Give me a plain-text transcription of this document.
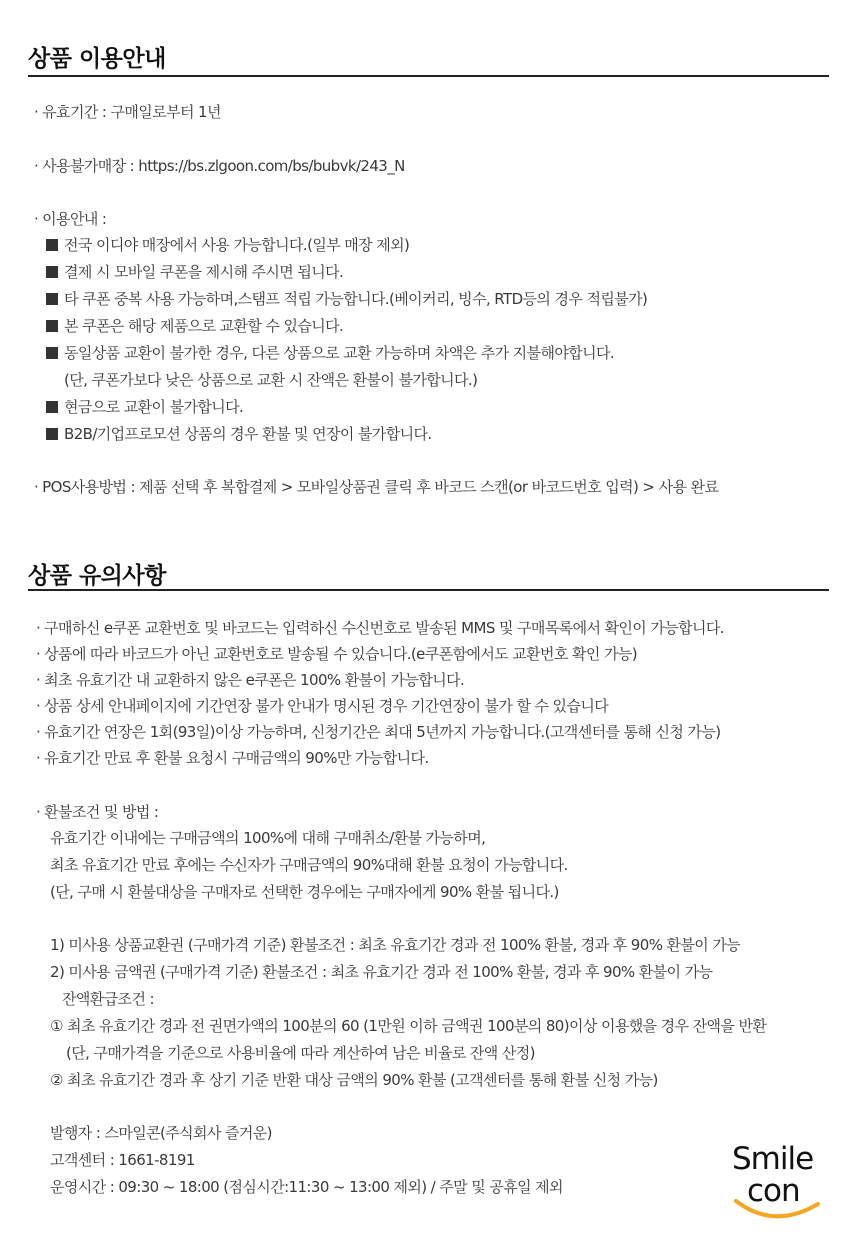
상품 이용안내
· 유효기간 : 구매일로부터 1년
· 사용불가매장 : https://bs.zlgoon.com/bs/bubvk/243_N
· 이용안내 :
전국 이디야 매장에서 사용 가능합니다.(일부 매장 제외)
결제 시 모바일 쿠폰을 제시해 주시면 됩니다.
타 쿠폰 중복 사용 가능하며,스탬프 적립 가능합니다.(베이커리, 빙수, RTD등의 경우 적립불가)
본 쿠폰은 해당 제품으로 교환할 수 있습니다.
동일상품 교환이 불가한 경우, 다른 상품으로 교환 가능하며 차액은 추가 지불해야합니다.
(단, 쿠폰가보다 낮은 상품으로 교환 시 잔액은 환불이 불가합니다.)
현금으로 교환이 불가합니다.
B2B/기업프로모션 상품의 경우 환불 및 연장이 불가합니다.
· POS사용방법 : 제품 선택 후 복합결제 > 모바일상품권 클릭 후 바코드 스캔(or 바코드번호 입력) > 사용 완료
상품 유의사항
· 구매하신 e쿠폰 교환번호 및 바코드는 입력하신 수신번호로 발송된 MMS 및 구매목록에서 확인이 가능합니다.
· 상품에 따라 바코드가 아닌 교환번호로 발송될 수 있습니다.(e쿠폰함에서도 교환번호 확인 가능)
· 최초 유효기간 내 교환하지 않은 e쿠폰은 100% 환불이 가능합니다.
· 상품 상세 안내페이지에 기간연장 불가 안내가 명시된 경우 기간연장이 불가 할 수 있습니다
· 유효기간 연장은 1회(93일)이상 가능하며, 신청기간은 최대 5년까지 가능합니다.(고객센터를 통해 신청 가능)
· 유효기간 만료 후 환불 요청시 구매금액의 90%만 가능합니다.
· 환불조건 및 방법 :
유효기간 이내에는 구매금액의 100%에 대해 구매취소/환불 가능하며,
최초 유효기간 만료 후에는 수신자가 구매금액의 90%대해 환불 요청이 가능합니다.
(단, 구매 시 환불대상을 구매자로 선택한 경우에는 구매자에게 90% 환불 됩니다.)
1) 미사용 상품교환권 (구매가격 기준) 환불조건 : 최초 유효기간 경과 전 100% 환불, 경과 후 90% 환불이 가능
2) 미사용 금액권 (구매가격 기준) 환불조건 : 최초 유효기간 경과 전 100% 환불, 경과 후 90% 환불이 가능
잔액환급조건 :
① 최초 유효기간 경과 전 권면가액의 100분의 60 (1만원 이하 금액권 100분의 80)이상 이용했을 경우 잔액을 반환
(단, 구매가격을 기준으로 사용비율에 따라 계산하여 남은 비율로 잔액 산정)
② 최초 유효기간 경과 후 상기 기준 반환 대상 금액의 90% 환불 (고객센터를 통해 환불 신청 가능)
발행자 : 스마일콘(주식회사 즐거운)
고객센터 : 1661-8191
운영시간 : 09:30 ~ 18:00 (점심시간:11:30 ~ 13:00 제외) / 주말 및 공휴일 제외
Smile
con
